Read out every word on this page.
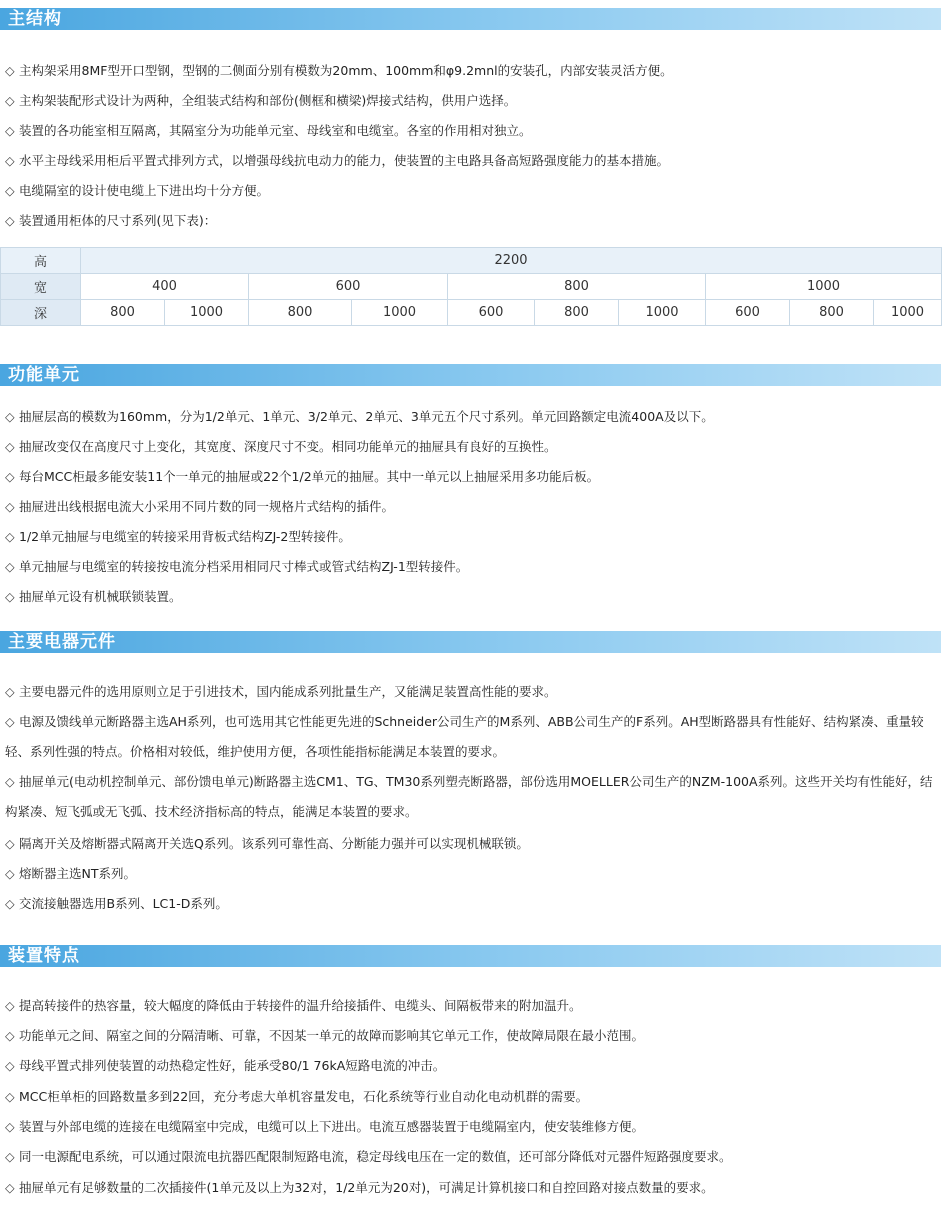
主结构
◇ 主构架采用8MF型开口型钢，型钢的二侧面分别有模数为20mm、100mm和φ9.2mnl的安装孔，内部安装灵活方便。
◇ 主构架装配形式设计为两种，全组装式结构和部份(侧框和横梁)焊接式结构，供用户选择。
◇ 装置的各功能室相互隔离，其隔室分为功能单元室、母线室和电缆室。各室的作用相对独立。
◇ 水平主母线采用柜后平置式排列方式，以增强母线抗电动力的能力，使装置的主电路具备高短路强度能力的基本措施。
◇ 电缆隔室的设计使电缆上下进出均十分方便。
◇ 装置通用柜体的尺寸系列(见下表)：
高	2200									
宽	400		600		800			1000		
深	800	1000	800	1000	600	800	1000	600	800	1000
功能单元
◇ 抽屉层高的模数为160mm，分为1/2单元、1单元、3/2单元、2单元、3单元五个尺寸系列。单元回路额定电流400A及以下。
◇ 抽屉改变仅在高度尺寸上变化，其宽度、深度尺寸不变。相同功能单元的抽屉具有良好的互换性。
◇ 每台MCC柜最多能安装11个一单元的抽屉或22个1/2单元的抽屉。其中一单元以上抽屉采用多功能后板。
◇ 抽屉进出线根据电流大小采用不同片数的同一规格片式结构的插件。
◇ 1/2单元抽屉与电缆室的转接采用背板式结构ZJ-2型转接件。
◇ 单元抽屉与电缆室的转接按电流分档采用相同尺寸棒式或管式结构ZJ-1型转接件。
◇ 抽屉单元设有机械联锁装置。
主要电器元件
◇ 主要电器元件的选用原则立足于引进技术，国内能成系列批量生产，又能满足装置高性能的要求。
◇ 电源及馈线单元断路器主选AH系列，也可选用其它性能更先进的Schneider公司生产的M系列、ABB公司生产的F系列。AH型断路器具有性能好、结构紧凑、重量较轻、系列性强的特点。价格相对较低，维护使用方便，各项性能指标能满足本装置的要求。
◇ 抽屉单元(电动机控制单元、部份馈电单元)断路器主选CM1、TG、TM30系列塑壳断路器，部份选用MOELLER公司生产的NZM-100A系列。这些开关均有性能好，结构紧凑、短飞弧或无飞弧、技术经济指标高的特点，能满足本装置的要求。
◇ 隔离开关及熔断器式隔离开关选Q系列。该系列可靠性高、分断能力强并可以实现机械联锁。
◇ 熔断器主选NT系列。
◇ 交流接触器选用B系列、LC1-D系列。
装置特点
◇ 提高转接件的热容量，较大幅度的降低由于转接件的温升给接插件、电缆头、间隔板带来的附加温升。
◇ 功能单元之间、隔室之间的分隔清晰、可靠，不因某一单元的故障而影响其它单元工作，使故障局限在最小范围。
◇ 母线平置式排列使装置的动热稳定性好，能承受80/1 76kA短路电流的冲击。
◇ MCC柜单柜的回路数量多到22回，充分考虑大单机容量发电，石化系统等行业自动化电动机群的需要。
◇ 装置与外部电缆的连接在电缆隔室中完成，电缆可以上下进出。电流互感器装置于电缆隔室内，使安装维修方便。
◇ 同一电源配电系统，可以通过限流电抗器匹配限制短路电流，稳定母线电压在一定的数值，还可部分降低对元器件短路强度要求。
◇ 抽屉单元有足够数量的二次插接件(1单元及以上为32对，1/2单元为20对)，可满足计算机接口和自控回路对接点数量的要求。
